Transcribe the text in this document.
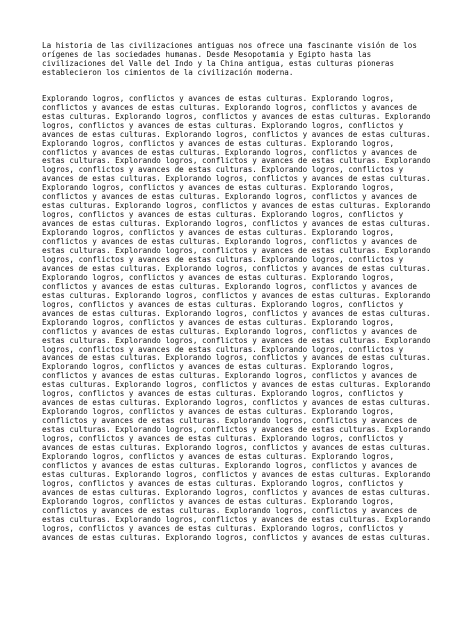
La historia de las civilizaciones antiguas nos ofrece una fascinante visión de los orígenes de las sociedades humanas. Desde Mesopotamia y Egipto hasta las civilizaciones del Valle del Indo y la China antigua, estas culturas pioneras establecieron los cimientos de la civilización moderna.

Explorando logros, conflictos y avances de estas culturas. Explorando logros, conflictos y avances de estas culturas. Explorando logros, conflictos y avances de estas culturas. Explorando logros, conflictos y avances de estas culturas. Explorando logros, conflictos y avances de estas culturas. Explorando logros, conflictos y avances de estas culturas. Explorando logros, conflictos y avances de estas culturas. Explorando logros, conflictos y avances de estas culturas. Explorando logros, conflictos y avances de estas culturas. Explorando logros, conflictos y avances de estas culturas. Explorando logros, conflictos y avances de estas culturas. Explorando logros, conflictos y avances de estas culturas. Explorando logros, conflictos y avances de estas culturas. Explorando logros, conflictos y avances de estas culturas. Explorando logros, conflictos y avances de estas culturas. Explorando logros, conflictos y avances de estas culturas. Explorando logros, conflictos y avances de estas culturas. Explorando logros, conflictos y avances de estas culturas. Explorando logros, conflictos y avances de estas culturas. Explorando logros, conflictos y avances de estas culturas. Explorando logros, conflictos y avances de estas culturas. Explorando logros, conflictos y avances de estas culturas. Explorando logros, conflictos y avances de estas culturas. Explorando logros, conflictos y avances de estas culturas. Explorando logros, conflictos y avances de estas culturas. Explorando logros, conflictos y avances de estas culturas. Explorando logros, conflictos y avances de estas culturas. Explorando logros, conflictos y avances de estas culturas. Explorando logros, conflictos y avances de estas culturas. Explorando logros, conflictos y avances de estas culturas. Explorando logros, conflictos y avances de estas culturas. Explorando logros, conflictos y avances de estas culturas. Explorando logros, conflictos y avances de estas culturas. Explorando logros, conflictos y avances de estas culturas. Explorando logros, conflictos y avances de estas culturas. Explorando logros, conflictos y avances de estas culturas. Explorando logros, conflictos y avances de estas culturas. Explorando logros, conflictos y avances de estas culturas. Explorando logros, conflictos y avances de estas culturas. Explorando logros, conflictos y avances de estas culturas. Explorando logros, conflictos y avances de estas culturas. Explorando logros, conflictos y avances de estas culturas. Explorando logros, conflictos y avances de estas culturas. Explorando logros, conflictos y avances de estas culturas. Explorando logros, conflictos y avances de estas culturas. Explorando logros, conflictos y avances de estas culturas. Explorando logros, conflictos y avances de estas culturas. Explorando logros, conflictos y avances de estas culturas. Explorando logros, conflictos y avances de estas culturas. Explorando logros, conflictos y avances de estas culturas. Explorando logros, conflictos y avances de estas culturas. Explorando logros, conflictos y avances de estas culturas. Explorando logros, conflictos y avances de estas culturas. Explorando logros, conflictos y avances de estas culturas. Explorando logros, conflictos y avances de estas culturas. Explorando logros, conflictos y avances de estas culturas. Explorando logros, conflictos y avances de estas culturas. Explorando logros, conflictos y avances de estas culturas. Explorando logros, conflictos y avances de estas culturas. Explorando logros, conflictos y avances de estas culturas. Explorando logros, conflictos y avances de estas culturas. Explorando logros, conflictos y avances de estas culturas. Explorando logros, conflictos y avances de estas culturas. Explorando logros, conflictos y avances de estas culturas. Explorando logros, conflictos y avances de estas culturas. Explorando logros, conflictos y avances de estas culturas. Explorando logros, conflictos y avances de estas culturas. Explorando logros, conflictos y avances de estas culturas. Explorando logros, conflictos y avances de estas culturas. Explorando logros, conflictos y avances de estas culturas.
